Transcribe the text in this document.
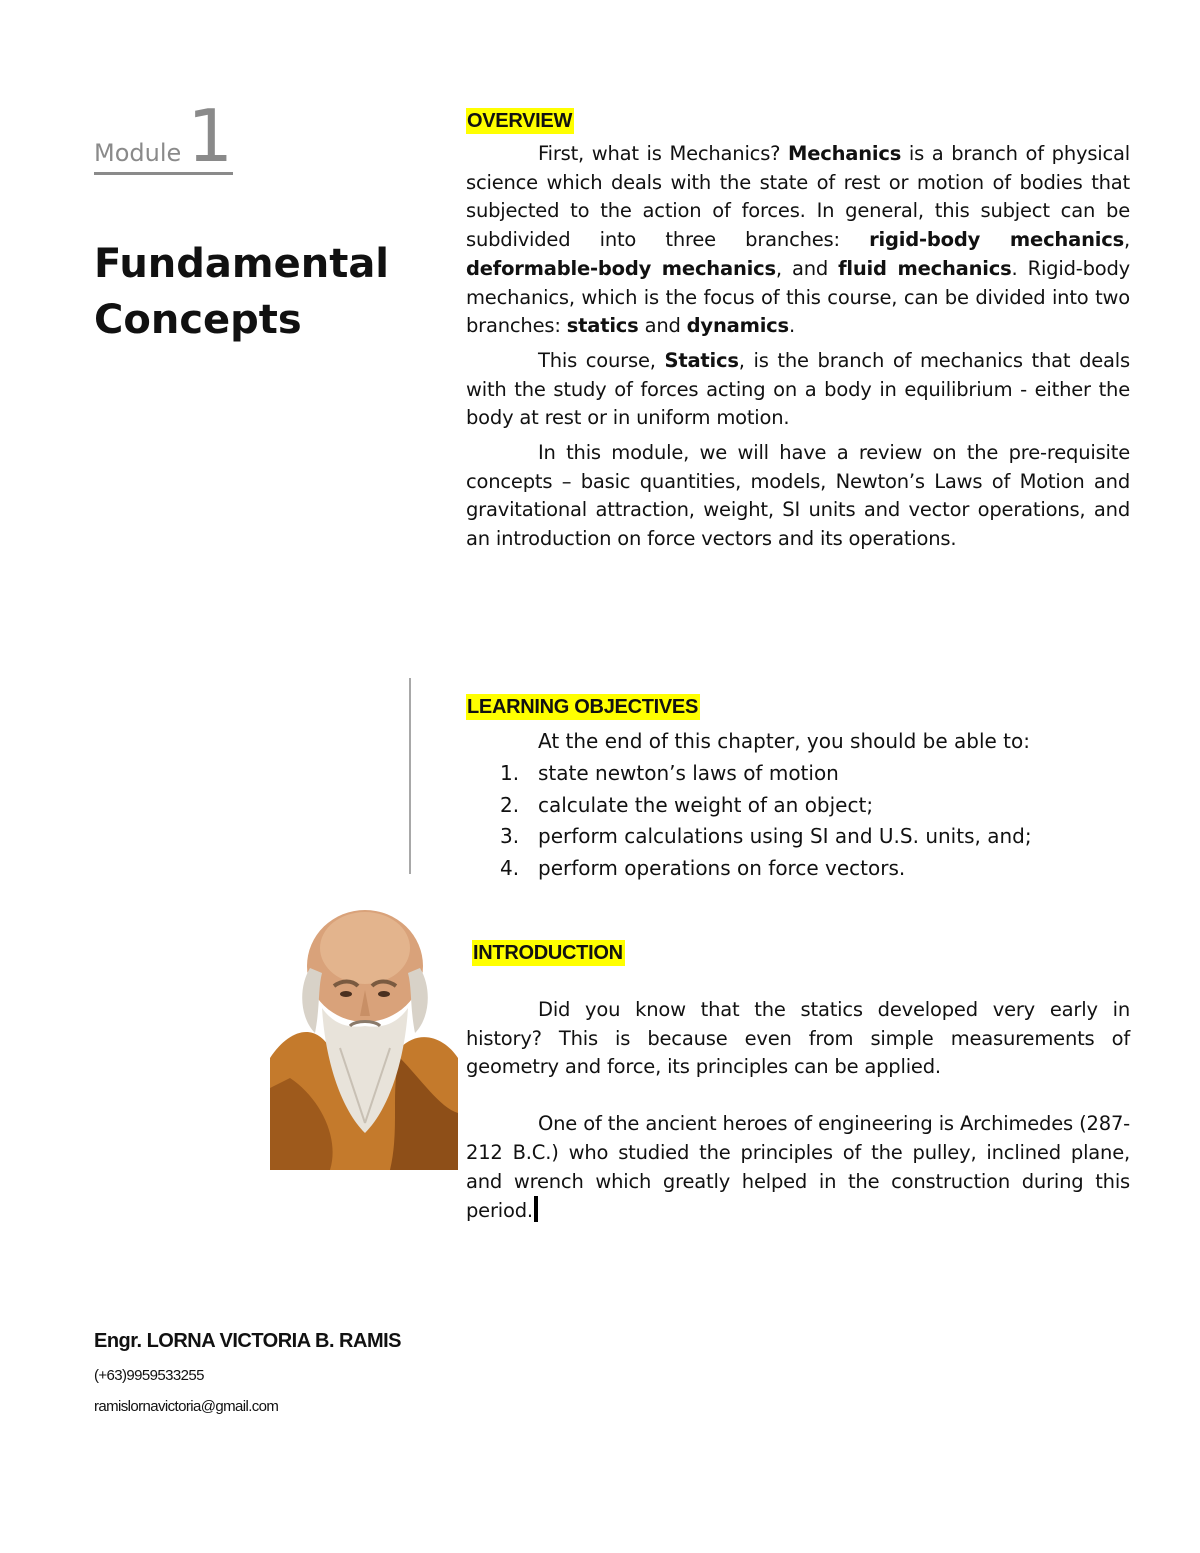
Module1
Fundamental
Concepts

Engr. LORNA VICTORIA B. RAMIS

(+63)9959533255

ramislornavictoria@gmail.com

OVERVIEW

First, what is Mechanics? Mechanics is a branch of physical science which deals with the state of rest or motion of bodies that subjected to the action of forces. In general, this subject can be subdivided into three branches: rigid-body mechanics, deformable-body mechanics, and fluid mechanics. Rigid-body mechanics, which is the focus of this course, can be divided into two branches: statics and dynamics.

This course, Statics, is the branch of mechanics that deals with the study of forces acting on a body in equilibrium - either the body at rest or in uniform motion.

In this module, we will have a review on the pre-requisite concepts – basic quantities, models, Newton’s Laws of Motion and gravitational attraction, weight, SI units and vector operations, and an introduction on force vectors and its operations.

LEARNING OBJECTIVES

At the end of this chapter, you should be able to:

1. state newton’s laws of motion
2. calculate the weight of an object;
3. perform calculations using SI and U.S. units, and;
4. perform operations on force vectors.
INTRODUCTION

Did you know that the statics developed very early in history? This is because even from simple measurements of geometry and force, its principles can be applied.

One of the ancient heroes of engineering is Archimedes (287-212 B.C.) who studied the principles of the pulley, inclined plane, and wrench which greatly helped in the construction during this period.
